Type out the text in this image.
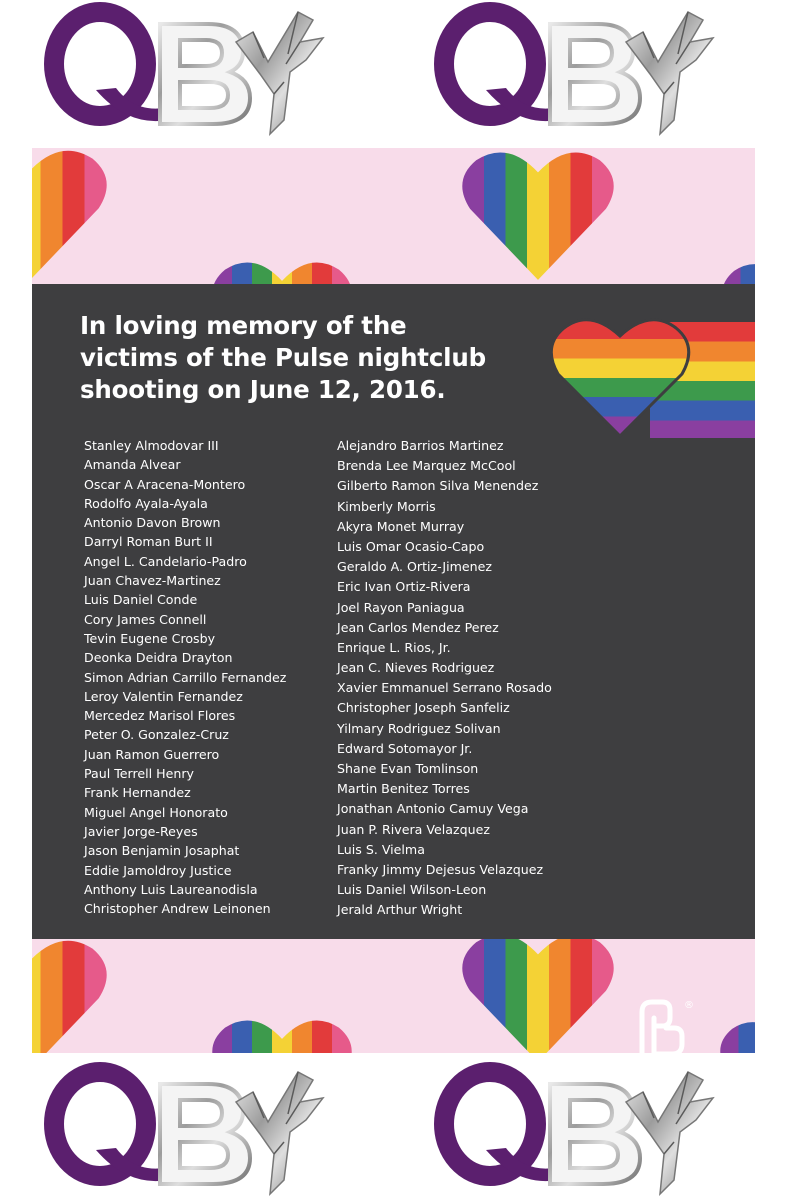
In loving memory of the
victims of the Pulse nightclub
shooting on June 12, 2016.
Stanley Almodovar III
Amanda Alvear
Oscar A Aracena-Montero
Rodolfo Ayala-Ayala
Antonio Davon Brown
Darryl Roman Burt II
Angel L. Candelario-Padro
Juan Chavez-Martinez
Luis Daniel Conde
Cory James Connell
Tevin Eugene Crosby
Deonka Deidra Drayton
Simon Adrian Carrillo Fernandez
Leroy Valentin Fernandez
Mercedez Marisol Flores
Peter O. Gonzalez-Cruz
Juan Ramon Guerrero
Paul Terrell Henry
Frank Hernandez
Miguel Angel Honorato
Javier Jorge-Reyes
Jason Benjamin Josaphat
Eddie Jamoldroy Justice
Anthony Luis Laureanodisla
Christopher Andrew Leinonen
Alejandro Barrios Martinez
Brenda Lee Marquez McCool
Gilberto Ramon Silva Menendez
Kimberly Morris
Akyra Monet Murray
Luis Omar Ocasio-Capo
Geraldo A. Ortiz-Jimenez
Eric Ivan Ortiz-Rivera
Joel Rayon Paniagua
Jean Carlos Mendez Perez
Enrique L. Rios, Jr.
Jean C. Nieves Rodriguez
Xavier Emmanuel Serrano Rosado
Christopher Joseph Sanfeliz
Yilmary Rodriguez Solivan
Edward Sotomayor Jr.
Shane Evan Tomlinson
Martin Benitez Torres
Jonathan Antonio Camuy Vega
Juan P. Rivera Velazquez
Luis S. Vielma
Franky Jimmy Dejesus Velazquez
Luis Daniel Wilson-Leon
Jerald Arthur Wright
®
